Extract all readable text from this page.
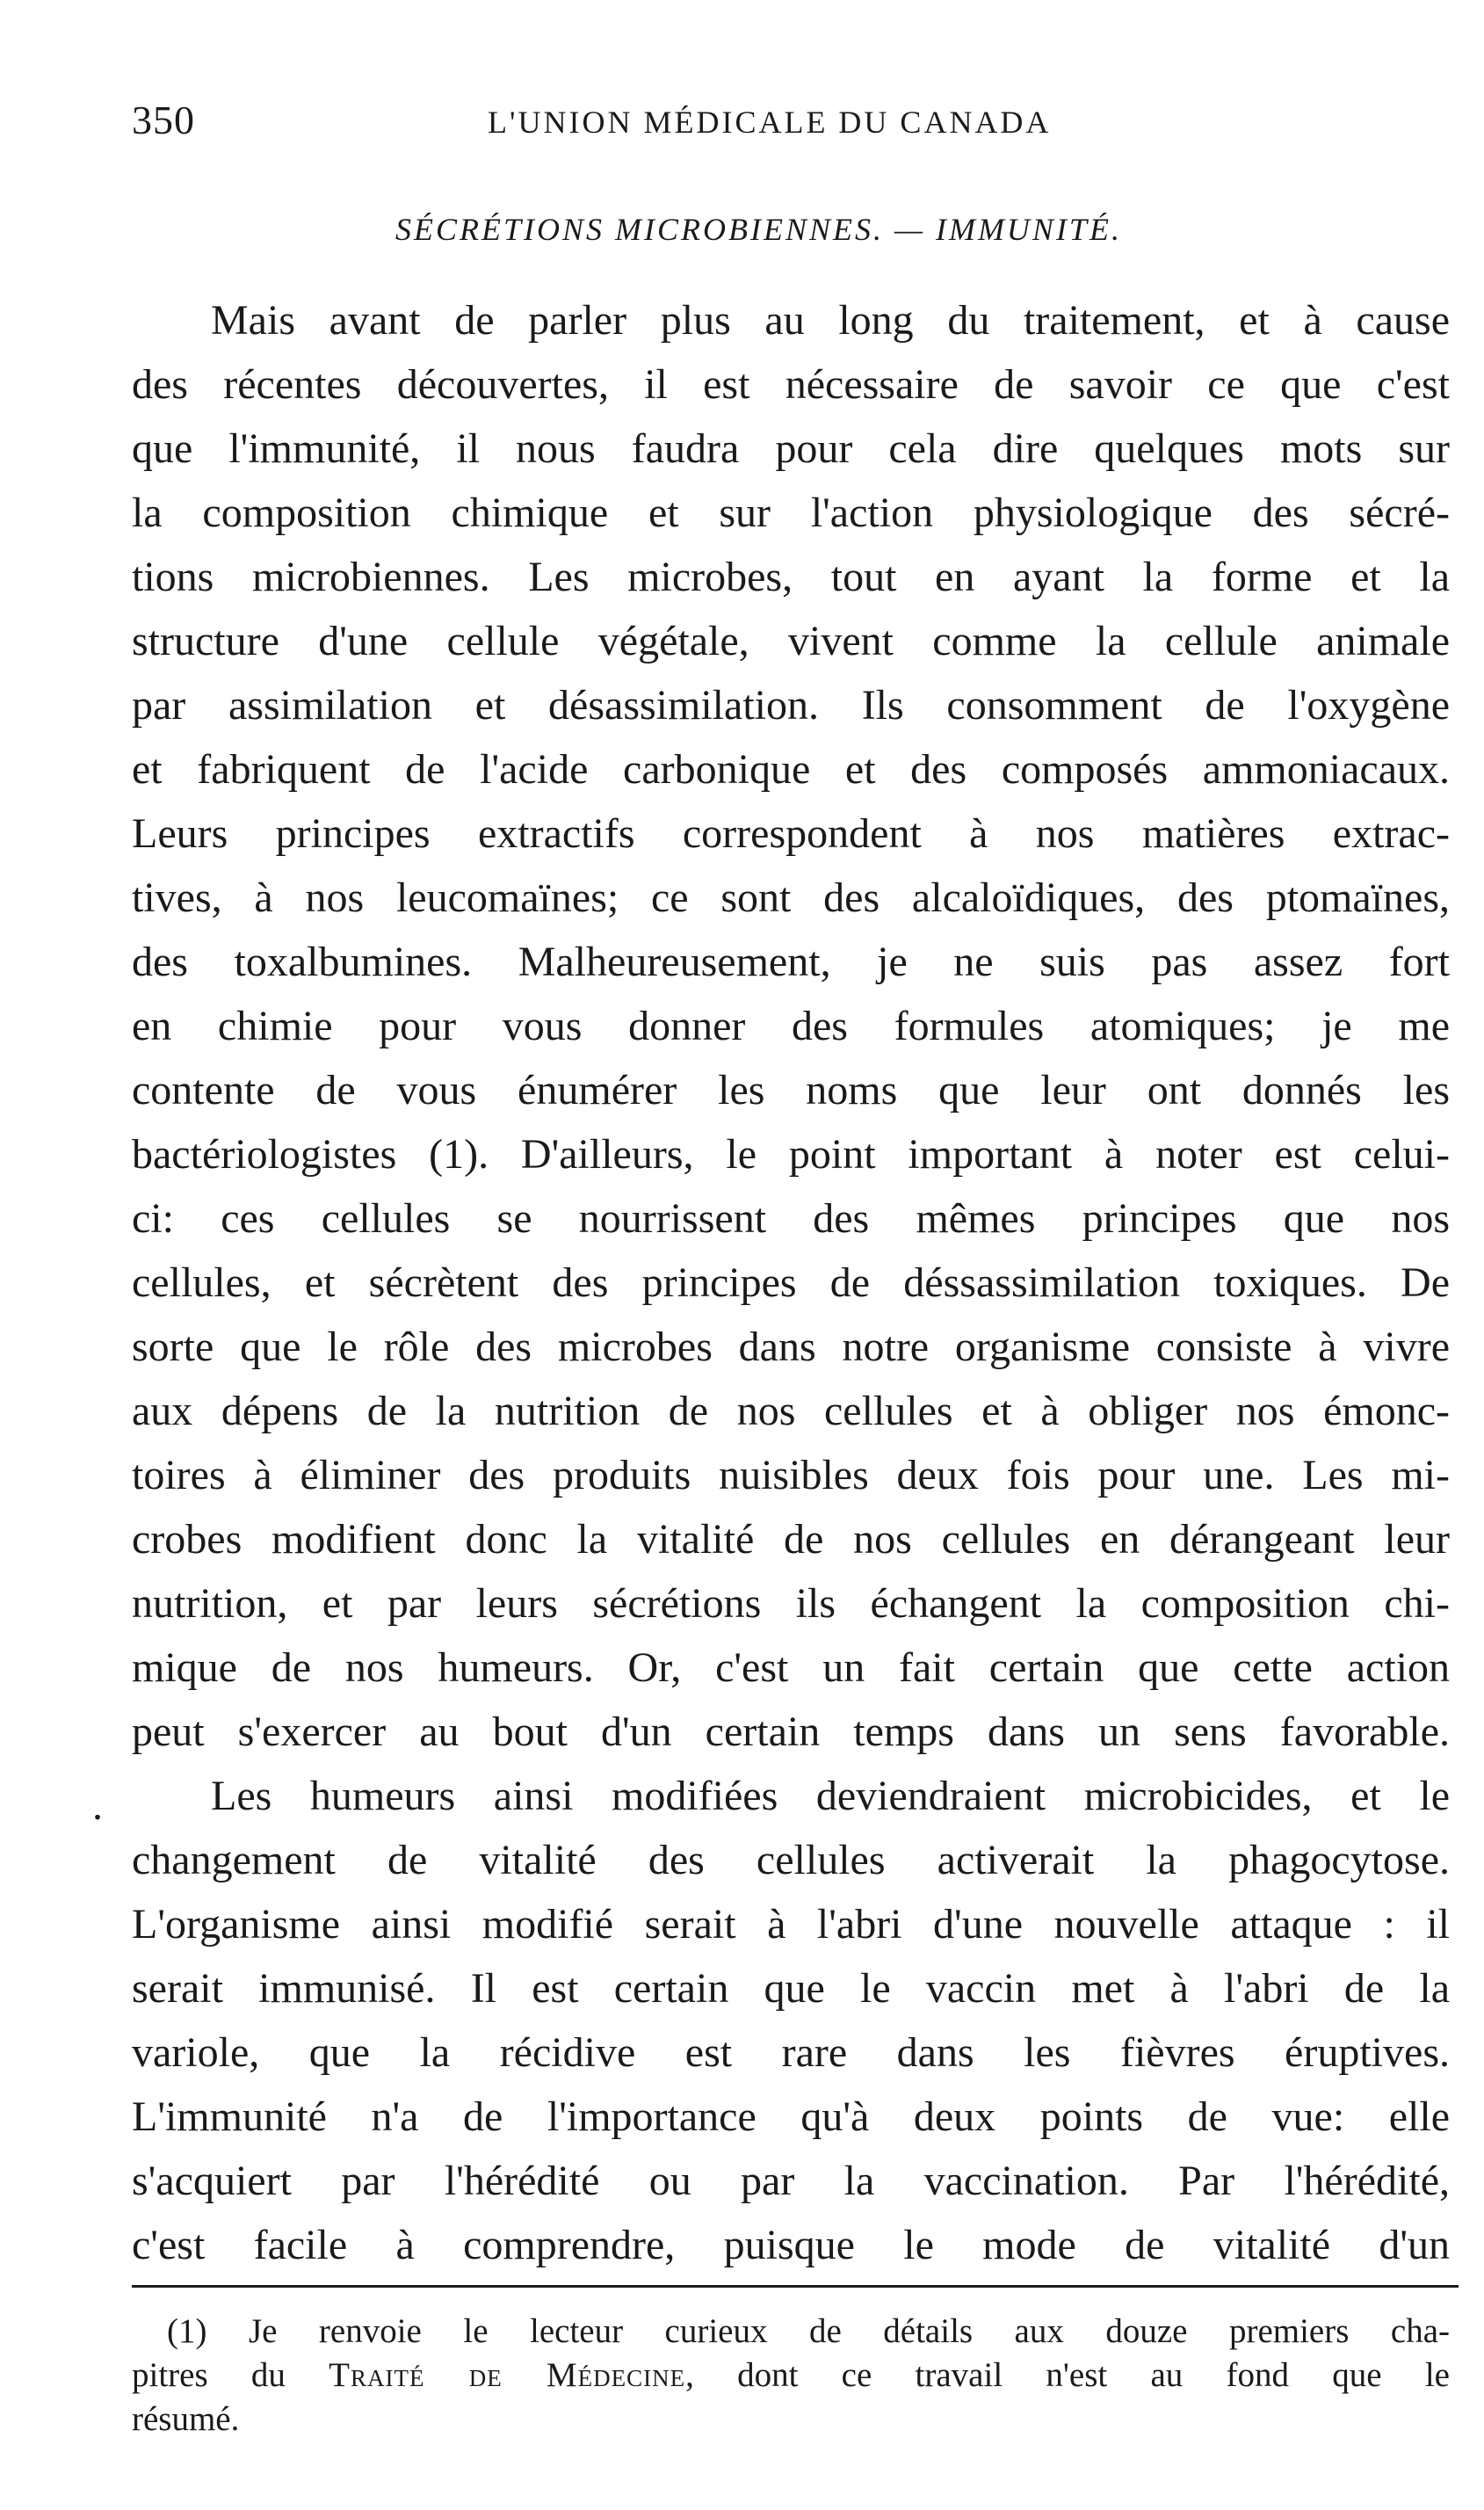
350	L'UNION MÉDICALE DU CANADA
SÉCRÉTIONS MICROBIENNES. — IMMUNITÉ.
.
Mais avant de parler plus au long du traitement, et à cause
des récentes découvertes, il est nécessaire de savoir ce que c'est
que l'immunité, il nous faudra pour cela dire quelques mots sur
la composition chimique et sur l'action physiologique des sécré-
tions microbiennes. Les microbes, tout en ayant la forme et la
structure d'une cellule végétale, vivent comme la cellule animale
par assimilation et désassimilation. Ils consomment de l'oxygène
et fabriquent de l'acide carbonique et des composés ammoniacaux.
Leurs principes extractifs correspondent à nos matières extrac-
tives, à nos leucomaïnes; ce sont des alcaloïdiques, des ptomaïnes,
des toxalbumines. Malheureusement, je ne suis pas assez fort
en chimie pour vous donner des formules atomiques; je me
contente de vous énumérer les noms que leur ont donnés les
bactériologistes (1). D'ailleurs, le point important à noter est celui-
ci: ces cellules se nourrissent des mêmes principes que nos
cellules, et sécrètent des principes de déssassimilation toxiques. De
sorte que le rôle des microbes dans notre organisme consiste à vivre
aux dépens de la nutrition de nos cellules et à obliger nos émonc-
toires à éliminer des produits nuisibles deux fois pour une. Les mi-
crobes modifient donc la vitalité de nos cellules en dérangeant leur
nutrition, et par leurs sécrétions ils échangent la composition chi-
mique de nos humeurs. Or, c'est un fait certain que cette action
peut s'exercer au bout d'un certain temps dans un sens favorable.
Les humeurs ainsi modifiées deviendraient microbicides, et le
changement de vitalité des cellules activerait la phagocytose.
L'organisme ainsi modifié serait à l'abri d'une nouvelle attaque : il
serait immunisé. Il est certain que le vaccin met à l'abri de la
variole, que la récidive est rare dans les fièvres éruptives.
L'immunité n'a de l'importance qu'à deux points de vue: elle
s'acquiert par l'hérédité ou par la vaccination. Par l'hérédité,
c'est facile à comprendre, puisque le mode de vitalité d'un
(1) Je renvoie le lecteur curieux de détails aux douze premiers cha-
pitres du Traité de Médecine, dont ce travail n'est au fond que le
résumé.
